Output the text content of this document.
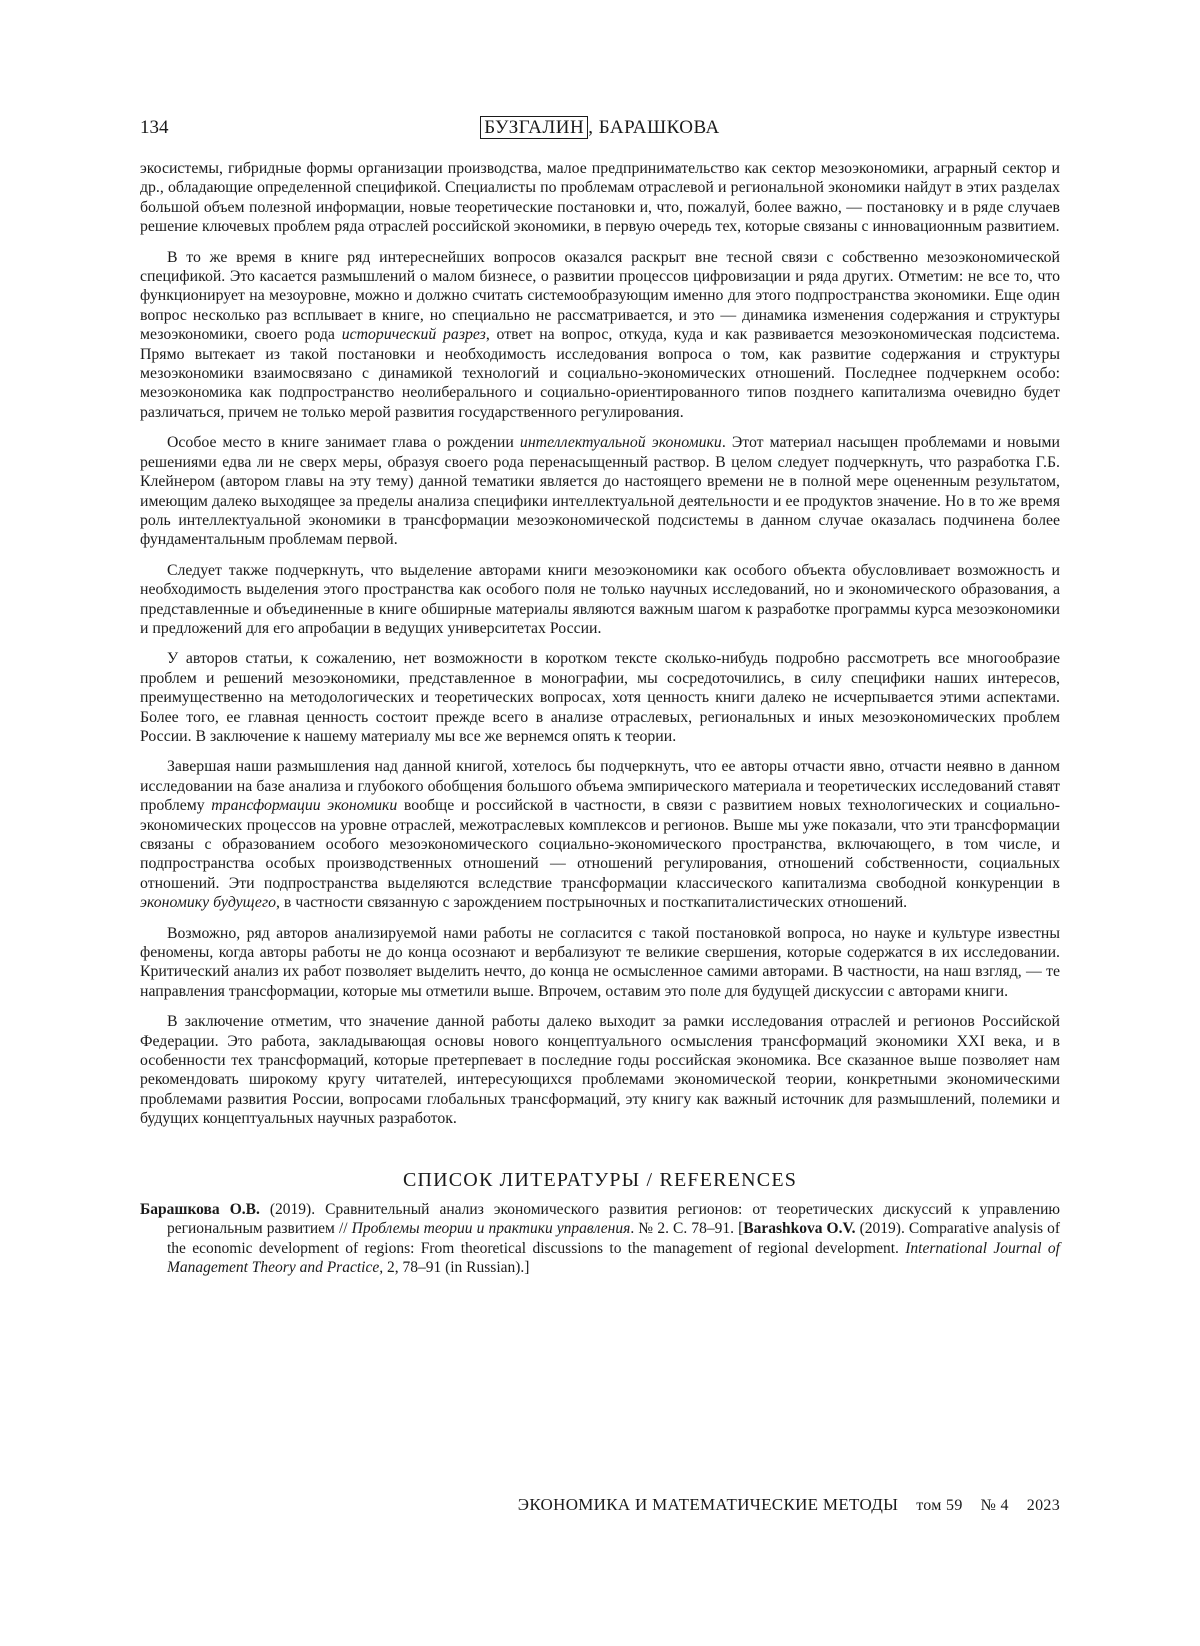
134	БУЗГАЛИН , БАРАШКОВА

экосистемы, гибридные формы организации производства, малое предпринимательство как сектор мезоэкономики, аграрный сектор и др., обладающие определенной спецификой. Специалисты по проблемам отраслевой и региональной экономики найдут в этих разделах большой объем полезной информации, новые теоретические постановки и, что, пожалуй, более важно, — постановку и в ряде случаев решение ключевых проблем ряда отраслей российской экономики, в первую очередь тех, которые связаны с инновационным развитием.

В то же время в книге ряд интереснейших вопросов оказался раскрыт вне тесной связи с собственно мезоэкономической спецификой. Это касается размышлений о малом бизнесе, о развитии процессов цифровизации и ряда других. Отметим: не все то, что функционирует на мезоуровне, можно и должно считать системообразующим именно для этого подпространства экономики. Еще один вопрос несколько раз всплывает в книге, но специально не рассматривается, и это — динамика изменения содержания и структуры мезоэкономики, своего рода исторический разрез, ответ на вопрос, откуда, куда и как развивается мезоэкономическая подсистема. Прямо вытекает из такой постановки и необходимость исследования вопроса о том, как развитие содержания и структуры мезоэкономики взаимосвязано с динамикой технологий и социально-экономических отношений. Последнее подчеркнем особо: мезоэкономика как подпространство неолиберального и социально-ориентированного типов позднего капитализма очевидно будет различаться, причем не только мерой развития государственного регулирования.

Особое место в книге занимает глава о рождении интеллектуальной экономики. Этот материал насыщен проблемами и новыми решениями едва ли не сверх меры, образуя своего рода перенасыщенный раствор. В целом следует подчеркнуть, что разработка Г.Б. Клейнером (автором главы на эту тему) данной тематики является до настоящего времени не в полной мере оцененным результатом, имеющим далеко выходящее за пределы анализа специфики интеллектуальной деятельности и ее продуктов значение. Но в то же время роль интеллектуальной экономики в трансформации мезоэкономической подсистемы в данном случае оказалась подчинена более фундаментальным проблемам первой.

Следует также подчеркнуть, что выделение авторами книги мезоэкономики как особого объекта обусловливает возможность и необходимость выделения этого пространства как особого поля не только научных исследований, но и экономического образования, а представленные и объединенные в книге обширные материалы являются важным шагом к разработке программы курса мезоэкономики и предложений для его апробации в ведущих университетах России.

У авторов статьи, к сожалению, нет возможности в коротком тексте сколько-нибудь подробно рассмотреть все многообразие проблем и решений мезоэкономики, представленное в монографии, мы сосредоточились, в силу специфики наших интересов, преимущественно на методологических и теоретических вопросах, хотя ценность книги далеко не исчерпывается этими аспектами. Более того, ее главная ценность состоит прежде всего в анализе отраслевых, региональных и иных мезоэкономических проблем России. В заключение к нашему материалу мы все же вернемся опять к теории.

Завершая наши размышления над данной книгой, хотелось бы подчеркнуть, что ее авторы отчасти явно, отчасти неявно в данном исследовании на базе анализа и глубокого обобщения большого объема эмпирического материала и теоретических исследований ставят проблему трансформации экономики вообще и российской в частности, в связи с развитием новых технологических и социально-экономических процессов на уровне отраслей, межотраслевых комплексов и регионов. Выше мы уже показали, что эти трансформации связаны с образованием особого мезоэкономического социально-экономического пространства, включающего, в том числе, и подпространства особых производственных отношений — отношений регулирования, отношений собственности, социальных отношений. Эти подпространства выделяются вследствие трансформации классического капитализма свободной конкуренции в экономику будущего, в частности связанную с зарождением пострыночных и посткапиталистических отношений.

Возможно, ряд авторов анализируемой нами работы не согласится с такой постановкой вопроса, но науке и культуре известны феномены, когда авторы работы не до конца осознают и вербализуют те великие свершения, которые содержатся в их исследовании. Критический анализ их работ позволяет выделить нечто, до конца не осмысленное самими авторами. В частности, на наш взгляд, — те направления трансформации, которые мы отметили выше. Впрочем, оставим это поле для будущей дискуссии с авторами книги.

В заключение отметим, что значение данной работы далеко выходит за рамки исследования отраслей и регионов Российской Федерации. Это работа, закладывающая основы нового концептуального осмысления трансформаций экономики XXI века, и в особенности тех трансформаций, которые претерпевает в последние годы российская экономика. Все сказанное выше позволяет нам рекомендовать широкому кругу читателей, интересующихся проблемами экономической теории, конкретными экономическими проблемами развития России, вопросами глобальных трансформаций, эту книгу как важный источник для размышлений, полемики и будущих концептуальных научных разработок.

СПИСОК ЛИТЕРАТУРЫ / REFERENCES
Барашкова О.В. (2019). Сравнительный анализ экономического развития регионов: от теоретических дискуссий к управлению региональным развитием // Проблемы теории и практики управления. № 2. С. 78–91. [Barashkova O.V. (2019). Comparative analysis of the economic development of regions: From theoretical discussions to the management of regional development. International Journal of Management Theory and Practice, 2, 78–91 (in Russian).]
ЭКОНОМИКА И МАТЕМАТИЧЕСКИЕ МЕТОДЫ том 59 № 4 2023
